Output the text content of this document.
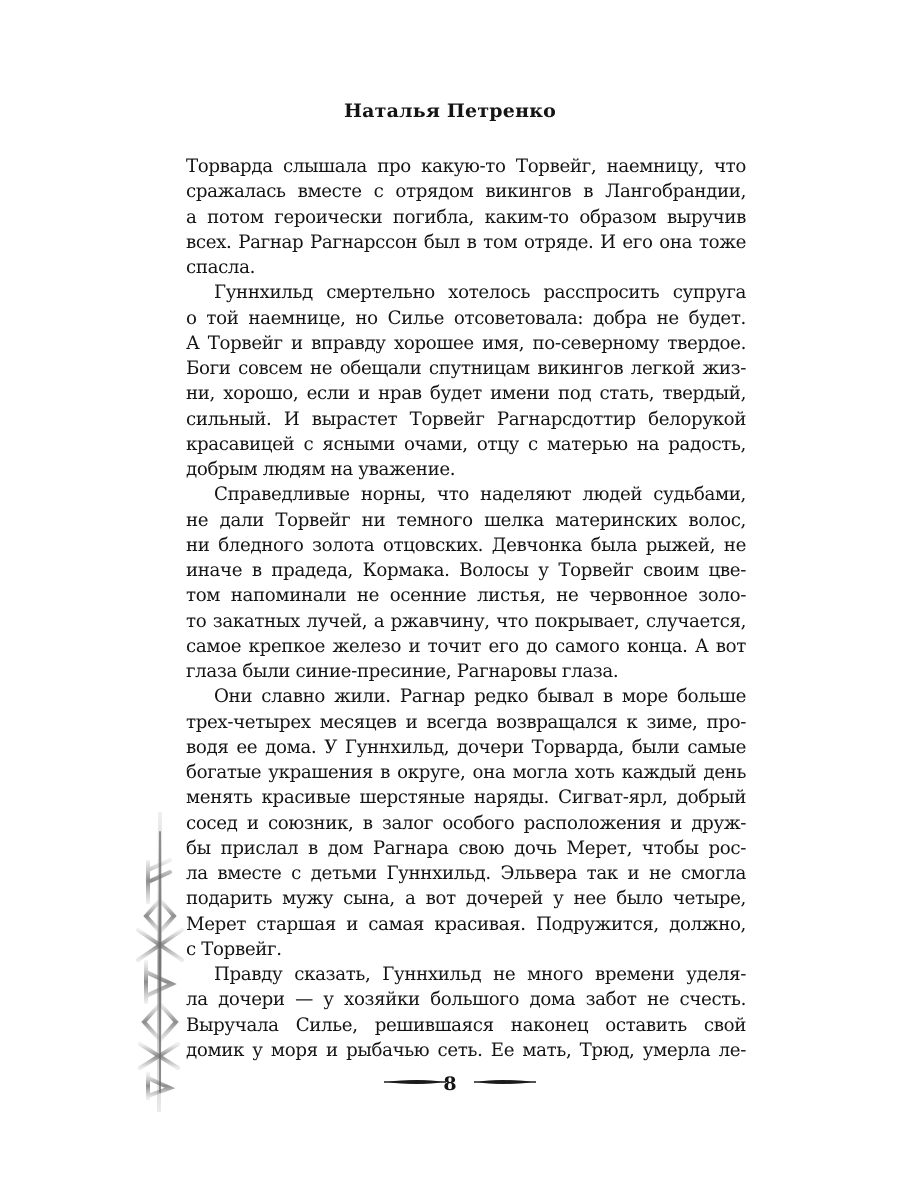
Наталья Петренко
Торварда слышала про какую-то Торвейг, наемницу, что
сражалась вместе с отрядом викингов в Лангобрандии,
а потом героически погибла, каким-то образом выручив
всех. Рагнар Рагнарссон был в том отряде. И его она тоже
спасла.
Гуннхильд смертельно хотелось расспросить супруга
о той наемнице, но Силье отсоветовала: добра не будет.
А Торвейг и вправду хорошее имя, по-северному твердое.
Боги совсем не обещали спутницам викингов легкой жиз-
ни, хорошо, если и нрав будет имени под стать, твердый,
сильный. И вырастет Торвейг Рагнарсдоттир белорукой
красавицей с ясными очами, отцу с матерью на радость,
добрым людям на уважение.
Справедливые норны, что наделяют людей судьбами,
не дали Торвейг ни темного шелка материнских волос,
ни бледного золота отцовских. Девчонка была рыжей, не
иначе в прадеда, Кормака. Волосы у Торвейг своим цве-
том напоминали не осенние листья, не червонное золо-
то закатных лучей, а ржавчину, что покрывает, случается,
самое крепкое железо и точит его до самого конца. А вот
глаза были синие-пресиние, Рагнаровы глаза.
Они славно жили. Рагнар редко бывал в море больше
трех-четырех месяцев и всегда возвращался к зиме, про-
водя ее дома. У Гуннхильд, дочери Торварда, были самые
богатые украшения в округе, она могла хоть каждый день
менять красивые шерстяные наряды. Сигват-ярл, добрый
сосед и союзник, в залог особого расположения и друж-
бы прислал в дом Рагнара свою дочь Мерет, чтобы рос-
ла вместе с детьми Гуннхильд. Эльвера так и не смогла
подарить мужу сына, а вот дочерей у нее было четыре,
Мерет старшая и самая красивая. Подружится, должно,
с Торвейг.
Правду сказать, Гуннхильд не много времени уделя-
ла дочери — у хозяйки большого дома забот не счесть.
Выручала Силье, решившаяся наконец оставить свой
домик у моря и рыбачью сеть. Ее мать, Трюд, умерла ле-
8
